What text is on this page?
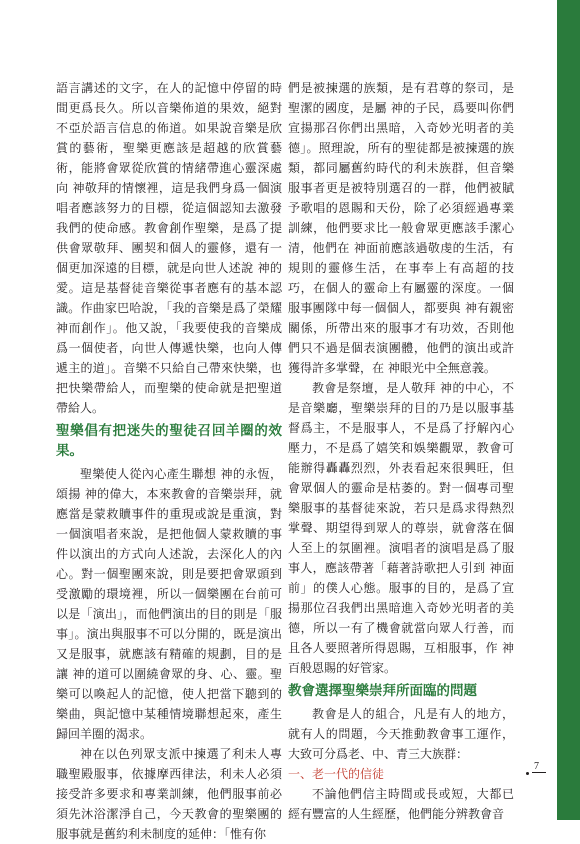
語言講述的文字，在人的記憶中停留的時間更爲長久。所以音樂佈道的果效，絕對不亞於語言信息的佈道。如果說音樂是欣賞的藝術，聖樂更應該是超越的欣賞藝術，能將會眾從欣賞的情緒帶進心靈深處向 神敬拜的情懷裡，這是我們身爲一個演唱者應該努力的目標，從這個認知去激發我們的使命感。教會創作聖樂，是爲了提供會眾敬拜、團契和個人的靈修，還有一個更加深遠的目標，就是向世人述說 神的愛。這是基督徒音樂從事者應有的基本認識。作曲家巴哈說，「我的音樂是爲了榮耀 神而創作」。他又說，「我要使我的音樂成爲一個使者，向世人傳遞快樂，也向人傳遞主的道」。音樂不只給自己帶來快樂，也把快樂帶給人，而聖樂的使命就是把聖道帶給人。

聖樂倡有把迷失的聖徒召回羊圈的效果。

聖樂使人從內心產生聯想 神的永恆，頌揚 神的偉大，本來教會的音樂崇拜，就應當是蒙救贖事件的重現或說是重演，對一個演唱者來說，是把他個人蒙救贖的事件以演出的方式向人述說，去深化人的內心。對一個聖團來說，則是要把會眾頭到受激勵的環境裡，所以一個樂團在台前可以是「演出」，而他們演出的目的則是「服事」。演出與服事不可以分開的，既是演出又是服事，就應該有精確的規劃，目的是讓 神的道可以圍繞會眾的身、心、靈。聖樂可以喚起人的記憶，使人把當下聽到的樂曲，與記憶中某種情境聯想起來，產生歸回羊圈的渴求。

神在以色列眾支派中揀選了利未人專職聖殿服事，依據摩西律法，利未人必須接受許多要求和專業訓練，他們服事前必須先沐浴潔淨自己，今天教會的聖樂團的服事就是舊約利未制度的延伸：「惟有你

們是被揀選的族類，是有君尊的祭司，是聖潔的國度，是屬 神的子民，爲要叫你們宣揚那召你們出黑暗，入奇妙光明者的美德」。照理說，所有的聖徒都是被揀選的族類，都同屬舊約時代的利未族群，但音樂服事者更是被特別選召的一群，他們被賦予歌唱的恩賜和天份，除了必須經過專業訓練，他們要求比一般會眾更應該手潔心清，他們在 神面前應該過敬虔的生活，有規則的靈修生活，在事奉上有高超的技巧，在個人的靈命上有屬靈的深度。一個服事團隊中每一個個人，都要與 神有親密關係，所帶出來的服事才有功效，否則他們只不過是個表演團體，他們的演出或許獲得許多掌聲，在 神眼光中全無意義。

教會是祭壇，是人敬拜 神的中心，不是音樂廳，聖樂崇拜的目的乃是以服事基督爲主，不是服事人，不是爲了抒解內心壓力，不是爲了嬉笑和娛樂觀眾，教會可能辦得轟轟烈烈，外表看起來很興旺，但會眾個人的靈命是枯萎的。對一個專司聖樂服事的基督徒來說，若只是爲求得熱烈掌聲、期望得到眾人的尊崇，就會落在個人至上的氛圍裡。演唱者的演唱是爲了服事人，應該帶著「藉著詩歌把人引到 神面前」的僕人心態。服事的目的，是爲了宣揚那位召我們出黑暗進入奇妙光明者的美德，所以一有了機會就當向眾人行善，而且各人要照著所得恩賜，互相服事，作 神百般恩賜的好管家。

教會選擇聖樂崇拜所面臨的問題

教會是人的組合，凡是有人的地方，就有人的問題，今天推動教會事工運作，大致可分爲老、中、青三大族群：

一、老一代的信徒

不論他們信主時間或長或短，大都已經有豐富的人生經歷，他們能分辨教會音

7
